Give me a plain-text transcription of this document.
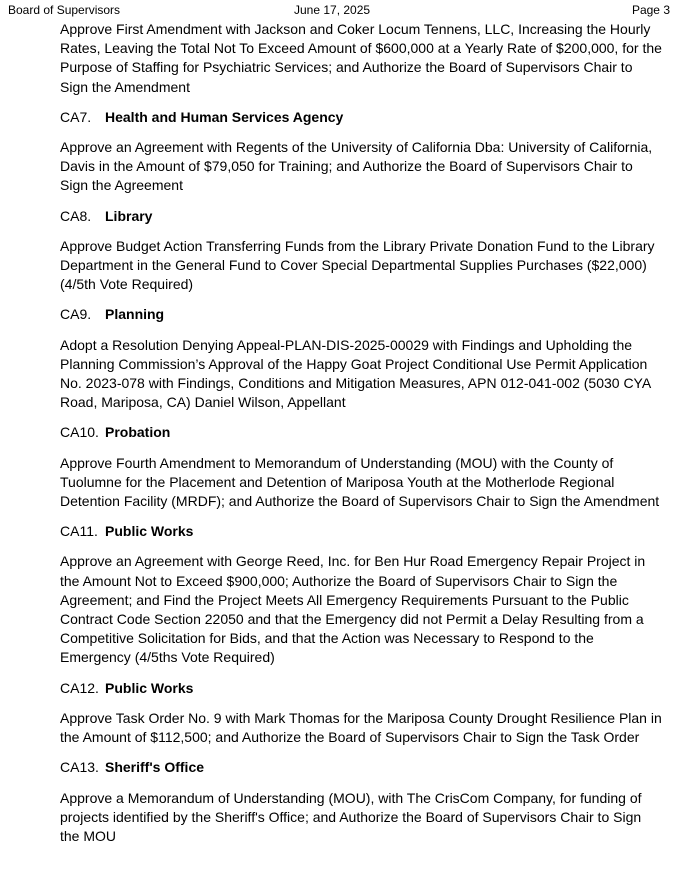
Board of Supervisors	June 17, 2025	Page 3

Approve First Amendment with Jackson and Coker Locum Tennens, LLC, Increasing the Hourly Rates, Leaving the Total Not To Exceed Amount of $600,000 at a Yearly Rate of $200,000, for the Purpose of Staffing for Psychiatric Services; and Authorize the Board of Supervisors Chair to Sign the Amendment

CA7. Health and Human Services Agency

Approve an Agreement with Regents of the University of California Dba: University of California, Davis in the Amount of $79,050 for Training; and Authorize the Board of Supervisors Chair to Sign the Agreement

CA8. Library

Approve Budget Action Transferring Funds from the Library Private Donation Fund to the Library Department in the General Fund to Cover Special Departmental Supplies Purchases ($22,000)(4/5th Vote Required)

CA9. Planning

Adopt a Resolution Denying Appeal-PLAN-DIS-2025-00029 with Findings and Upholding the Planning Commission’s Approval of the Happy Goat Project Conditional Use Permit Application No. 2023-078 with Findings, Conditions and Mitigation Measures, APN 012-041-002 (5030 CYA Road, Mariposa, CA) Daniel Wilson, Appellant

CA10. Probation

Approve Fourth Amendment to Memorandum of Understanding (MOU) with the County of Tuolumne for the Placement and Detention of Mariposa Youth at the Motherlode Regional Detention Facility (MRDF); and Authorize the Board of Supervisors Chair to Sign the Amendment

CA11. Public Works

Approve an Agreement with George Reed, Inc. for Ben Hur Road Emergency Repair Project in the Amount Not to Exceed $900,000; Authorize the Board of Supervisors Chair to Sign the Agreement; and Find the Project Meets All Emergency Requirements Pursuant to the Public Contract Code Section 22050 and that the Emergency did not Permit a Delay Resulting from a Competitive Solicitation for Bids, and that the Action was Necessary to Respond to the Emergency (4/5ths Vote Required)

CA12. Public Works

Approve Task Order No. 9 with Mark Thomas for the Mariposa County Drought Resilience Plan in the Amount of $112,500; and Authorize the Board of Supervisors Chair to Sign the Task Order

CA13. Sheriff's Office

Approve a Memorandum of Understanding (MOU), with The CrisCom Company, for funding of projects identified by the Sheriff's Office; and Authorize the Board of Supervisors Chair to Sign the MOU
